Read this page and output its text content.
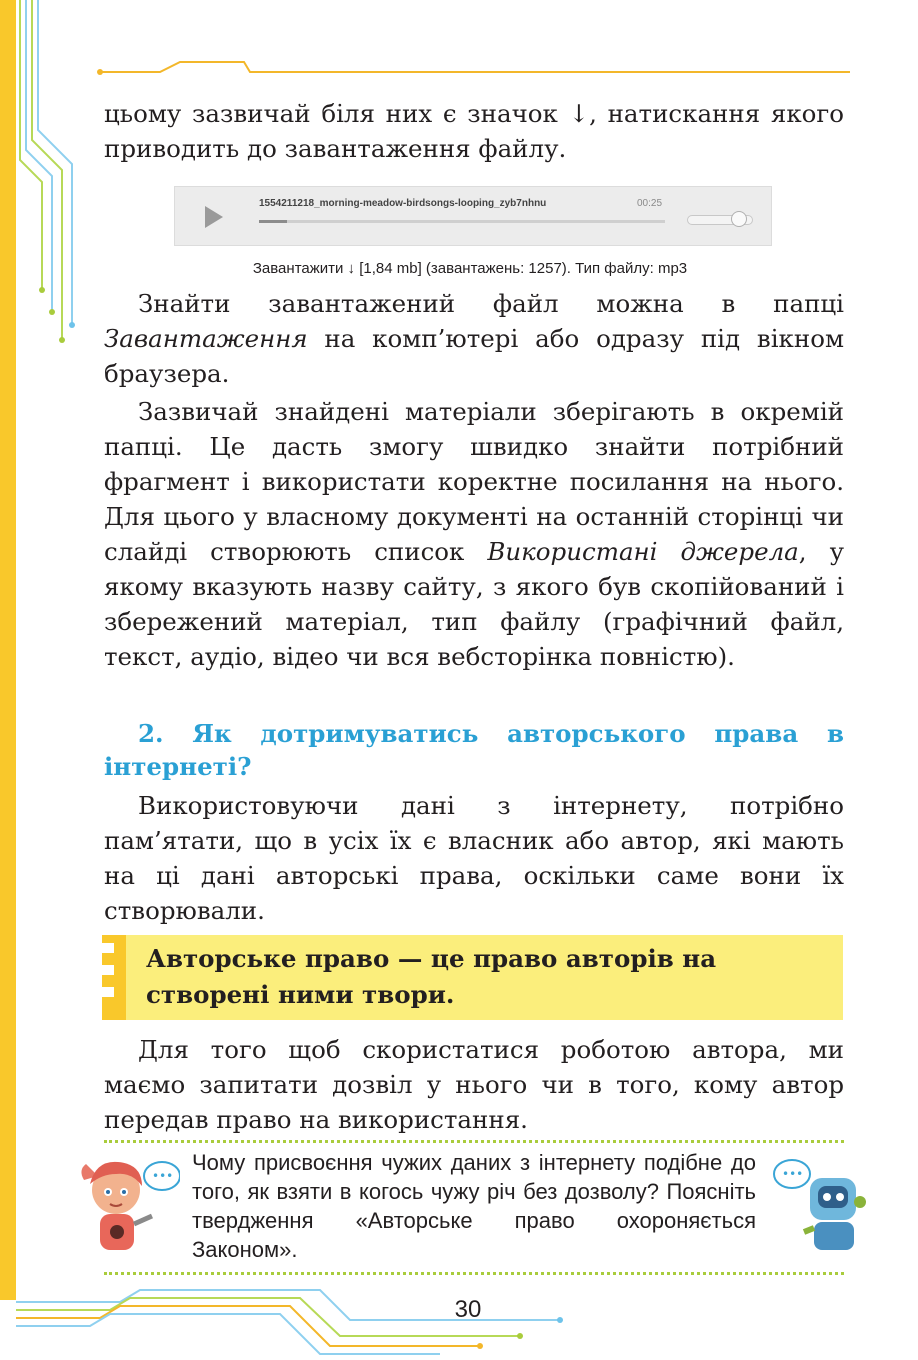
цьому зазвичай біля них є значок ↓, натискання якого приводить до завантаження файлу.

1554211218_morning-meadow-birdsongs-looping_zyb7nhnu	00:25
Завантажити ↓ [1,84 mb] (завантажень: 1257). Тип файлу: mp3

Знайти завантажений файл можна в папці Завантаження на комп’ютері або одразу під вікном браузера.

Зазвичай знайдені матеріали зберігають в окремій папці. Це дасть змогу швидко знайти потрібний фрагмент і використати коректне посилання на нього. Для цього у власному документі на останній сторінці чи слайді створюють список Використані джерела, у якому вказують назву сайту, з якого був скопійований і збережений матеріал, тип файлу (графічний файл, текст, аудіо, відео чи вся вебсторінка повністю).

2. Як дотримуватись авторського права в інтернеті?

Використовуючи дані з інтернету, потрібно пам’ятати, що в усіх їх є власник або автор, які мають на ці дані авторські права, оскільки саме вони їх створювали.

Авторське право — це право авторів на створені ними твори.

Для того щоб скористатися роботою автора, ми маємо запитати дозвіл у нього чи в того, кому автор передав право на використання.

•••

Чому присвоєння чужих даних з інтернету подібне до того, як взяти в когось чужу річ без дозволу? Поясніть твердження «Авторське право охороняється Законом».

•••
30
